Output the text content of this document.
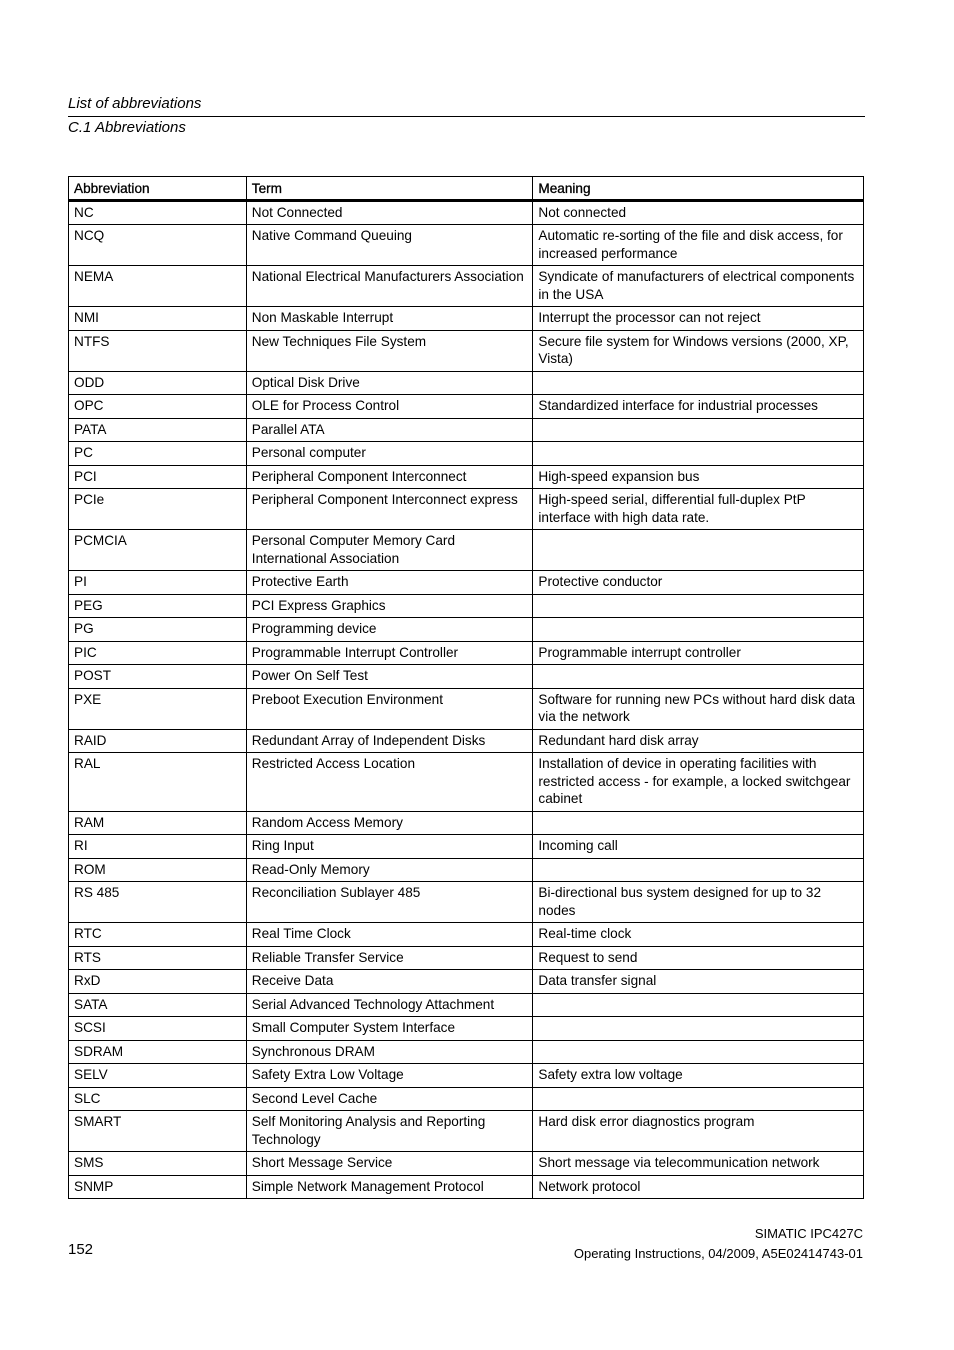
List of abbreviations
C.1 Abbreviations
Abbreviation	Term	Meaning
NC	Not Connected	Not connected
NCQ	Native Command Queuing	Automatic re-sorting of the file and disk access, for increased performance
NEMA	National Electrical Manufacturers Association	Syndicate of manufacturers of electrical components in the USA
NMI	Non Maskable Interrupt	Interrupt the processor can not reject
NTFS	New Techniques File System	Secure file system for Windows versions (2000, XP, Vista)
ODD	Optical Disk Drive	
OPC	OLE for Process Control	Standardized interface for industrial processes
PATA	Parallel ATA	
PC	Personal computer	
PCI	Peripheral Component Interconnect	High-speed expansion bus
PCIe	Peripheral Component Interconnect express	High-speed serial, differential full-duplex PtP interface with high data rate.
PCMCIA	Personal Computer Memory Card International Association	
PI	Protective Earth	Protective conductor
PEG	PCI Express Graphics	
PG	Programming device	
PIC	Programmable Interrupt Controller	Programmable interrupt controller
POST	Power On Self Test	
PXE	Preboot Execution Environment	Software for running new PCs without hard disk data via the network
RAID	Redundant Array of Independent Disks	Redundant hard disk array
RAL	Restricted Access Location	Installation of device in operating facilities with restricted access - for example, a locked switchgear cabinet
RAM	Random Access Memory	
RI	Ring Input	Incoming call
ROM	Read-Only Memory	
RS 485	Reconciliation Sublayer 485	Bi-directional bus system designed for up to 32 nodes
RTC	Real Time Clock	Real-time clock
RTS	Reliable Transfer Service	Request to send
RxD	Receive Data	Data transfer signal
SATA	Serial Advanced Technology Attachment	
SCSI	Small Computer System Interface	
SDRAM	Synchronous DRAM	
SELV	Safety Extra Low Voltage	Safety extra low voltage
SLC	Second Level Cache	
SMART	Self Monitoring Analysis and Reporting Technology	Hard disk error diagnostics program
SMS	Short Message Service	Short message via telecommunication network
SNMP	Simple Network Management Protocol	Network protocol
152
SIMATIC IPC427C
Operating Instructions, 04/2009, A5E02414743-01
